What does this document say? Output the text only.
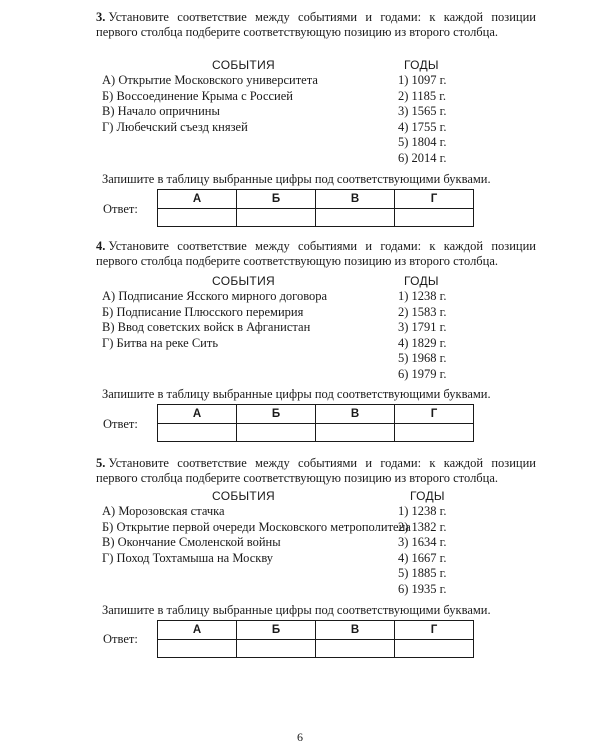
3. Установите соответствие между событиями и годами: к каждой позиции первого столбца подберите соответствующую позицию из второго столбца.

СОБЫТИЯ	ГОДЫ
А) Открытие Московского университета
Б) Воссоединение Крыма с Россией
В) Начало опричнины
Г) Любечский съезд князей
1) 1097 г.
2) 1185 г.
3) 1565 г.
4) 1755 г.
5) 1804 г.
6) 2014 г.
Запишите в таблицу выбранные цифры под соответствующими буквами.
Ответ:
А	Б	В	Г

4. Установите соответствие между событиями и годами: к каждой позиции первого столбца подберите соответствующую позицию из второго столбца.

СОБЫТИЯ	ГОДЫ
А) Подписание Ясского мирного договора
Б) Подписание Плюсского перемирия
В) Ввод советских войск в Афганистан
Г) Битва на реке Сить
1) 1238 г.
2) 1583 г.
3) 1791 г.
4) 1829 г.
5) 1968 г.
6) 1979 г.
Запишите в таблицу выбранные цифры под соответствующими буквами.
Ответ:
А	Б	В	Г

5. Установите соответствие между событиями и годами: к каждой позиции первого столбца подберите соответствующую позицию из второго столбца.

СОБЫТИЯ	ГОДЫ
А) Морозовская стачка
Б) Открытие первой очереди Московского метрополитена
В) Окончание Смоленской войны
Г) Поход Тохтамыша на Москву
1) 1238 г.
2) 1382 г.
3) 1634 г.
4) 1667 г.
5) 1885 г.
6) 1935 г.
Запишите в таблицу выбранные цифры под соответствующими буквами.
Ответ:
А	Б	В	Г

6
